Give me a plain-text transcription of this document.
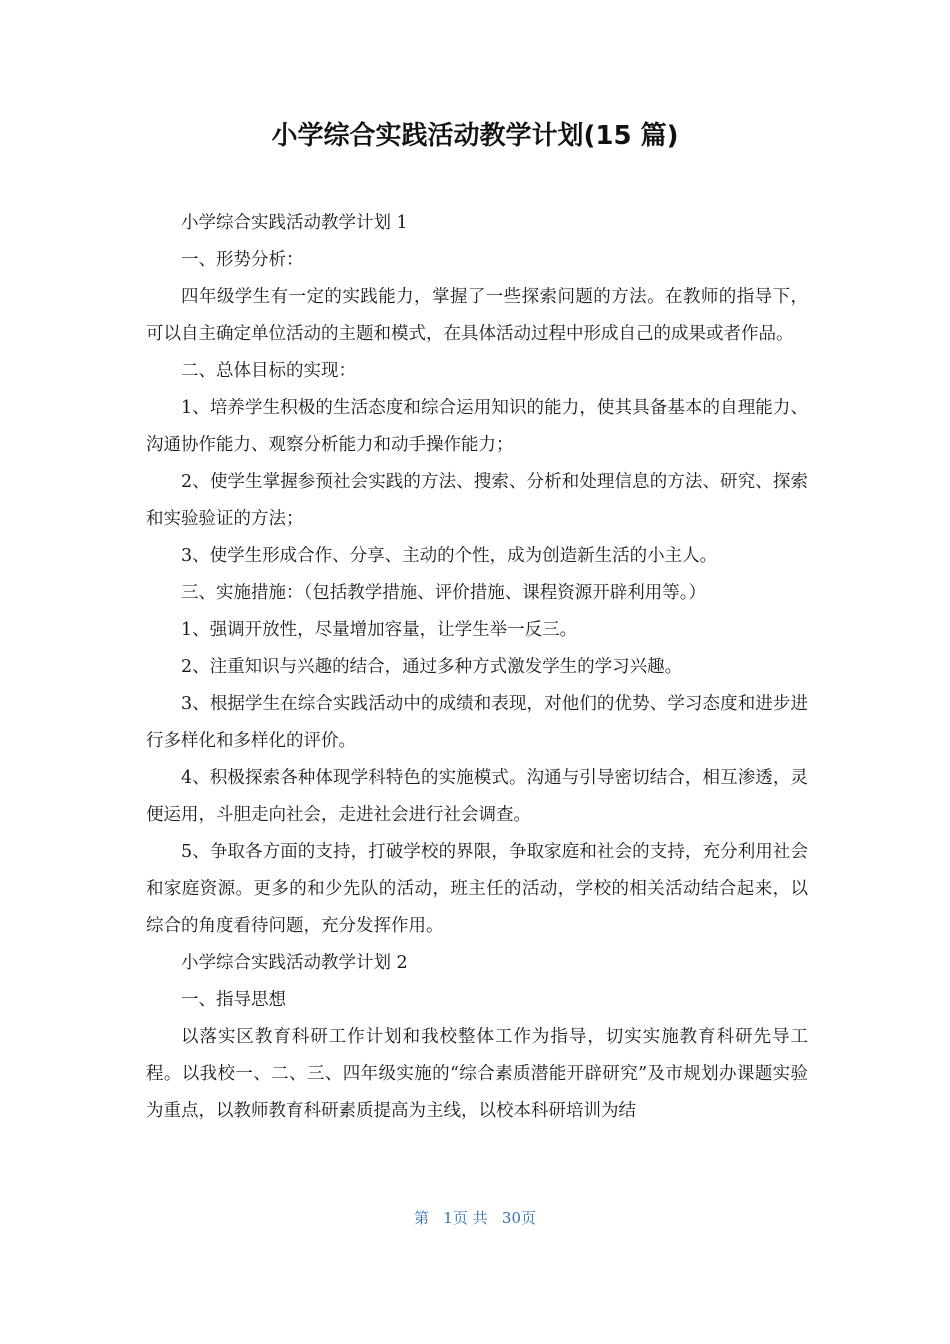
小学综合实践活动教学计划(15 篇)

小学综合实践活动教学计划 1

一、形势分析：

四年级学生有一定的实践能力，掌握了一些探索问题的方法。在教师的指导下，可以自主确定单位活动的主题和模式，在具体活动过程中形成自己的成果或者作品。

二、总体目标的实现：

1、培养学生积极的生活态度和综合运用知识的能力，使其具备基本的自理能力、沟通协作能力、观察分析能力和动手操作能力；

2、使学生掌握参预社会实践的方法、搜索、分析和处理信息的方法、研究、探索和实验验证的方法；

3、使学生形成合作、分享、主动的个性，成为创造新生活的小主人。

三、实施措施：（包括教学措施、评价措施、课程资源开辟利用等。）

1、强调开放性，尽量增加容量，让学生举一反三。

2、注重知识与兴趣的结合，通过多种方式激发学生的学习兴趣。

3、根据学生在综合实践活动中的成绩和表现，对他们的优势、学习态度和进步进行多样化和多样化的评价。

4、积极探索各种体现学科特色的实施模式。沟通与引导密切结合，相互渗透，灵便运用，斗胆走向社会，走进社会进行社会调查。

5、争取各方面的支持，打破学校的界限，争取家庭和社会的支持，充分利用社会和家庭资源。更多的和少先队的活动，班主任的活动，学校的相关活动结合起来，以综合的角度看待问题，充分发挥作用。

小学综合实践活动教学计划 2

一、指导思想

以落实区教育科研工作计划和我校整体工作为指导，切实实施教育科研先导工程。以我校一、二、三、四年级实施的“综合素质潜能开辟研究”及市规划办课题实验为重点，以教师教育科研素质提高为主线，以校本科研培训为结

第   1页 共   30页
